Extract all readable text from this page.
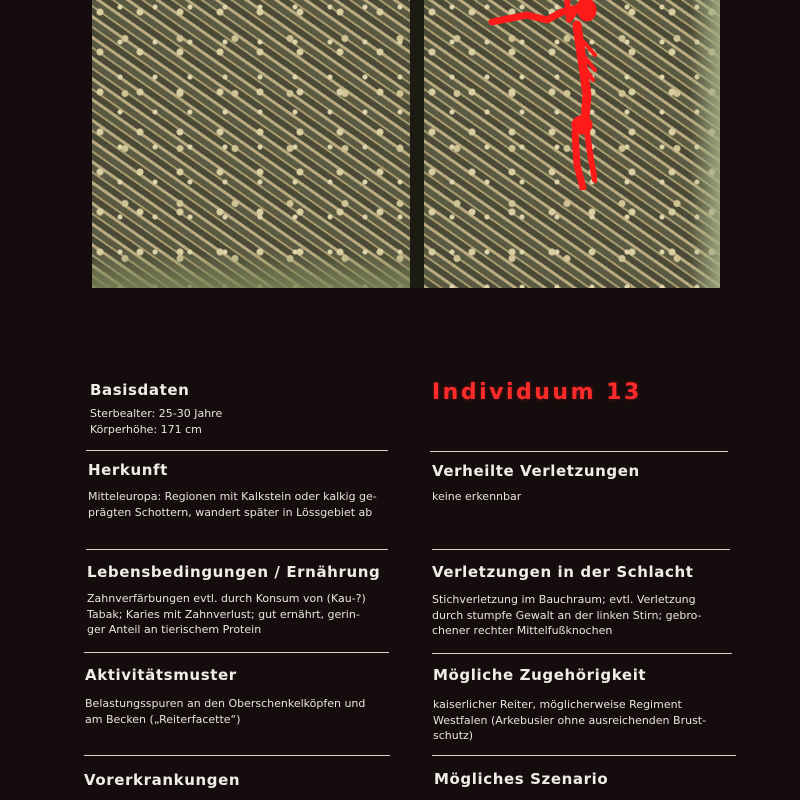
Individuum 13
Basisdaten
Sterbealter: 25-30 Jahre
Körperhöhe: 171 cm
Herkunft
Mitteleuropa: Regionen mit Kalkstein oder kalkig ge-
prägten Schottern, wandert später in Lössgebiet ab
Lebensbedingungen / Ernährung
Zahnverfärbungen evtl. durch Konsum von (Kau-?)
Tabak; Karies mit Zahnverlust; gut ernährt, gerin-
ger Anteil an tierischem Protein
Aktivitätsmuster
Belastungsspuren an den Oberschenkelköpfen und
am Becken („Reiterfacette“)
Vorerkrankungen
Verheilte Verletzungen
keine erkennbar
Verletzungen in der Schlacht
Stichverletzung im Bauchraum; evtl. Verletzung
durch stumpfe Gewalt an der linken Stirn; gebro-
chener rechter Mittelfußknochen
Mögliche Zugehörigkeit
kaiserlicher Reiter, möglicherweise Regiment
Westfalen (Arkebusier ohne ausreichenden Brust-
schutz)
Mögliches Szenario
